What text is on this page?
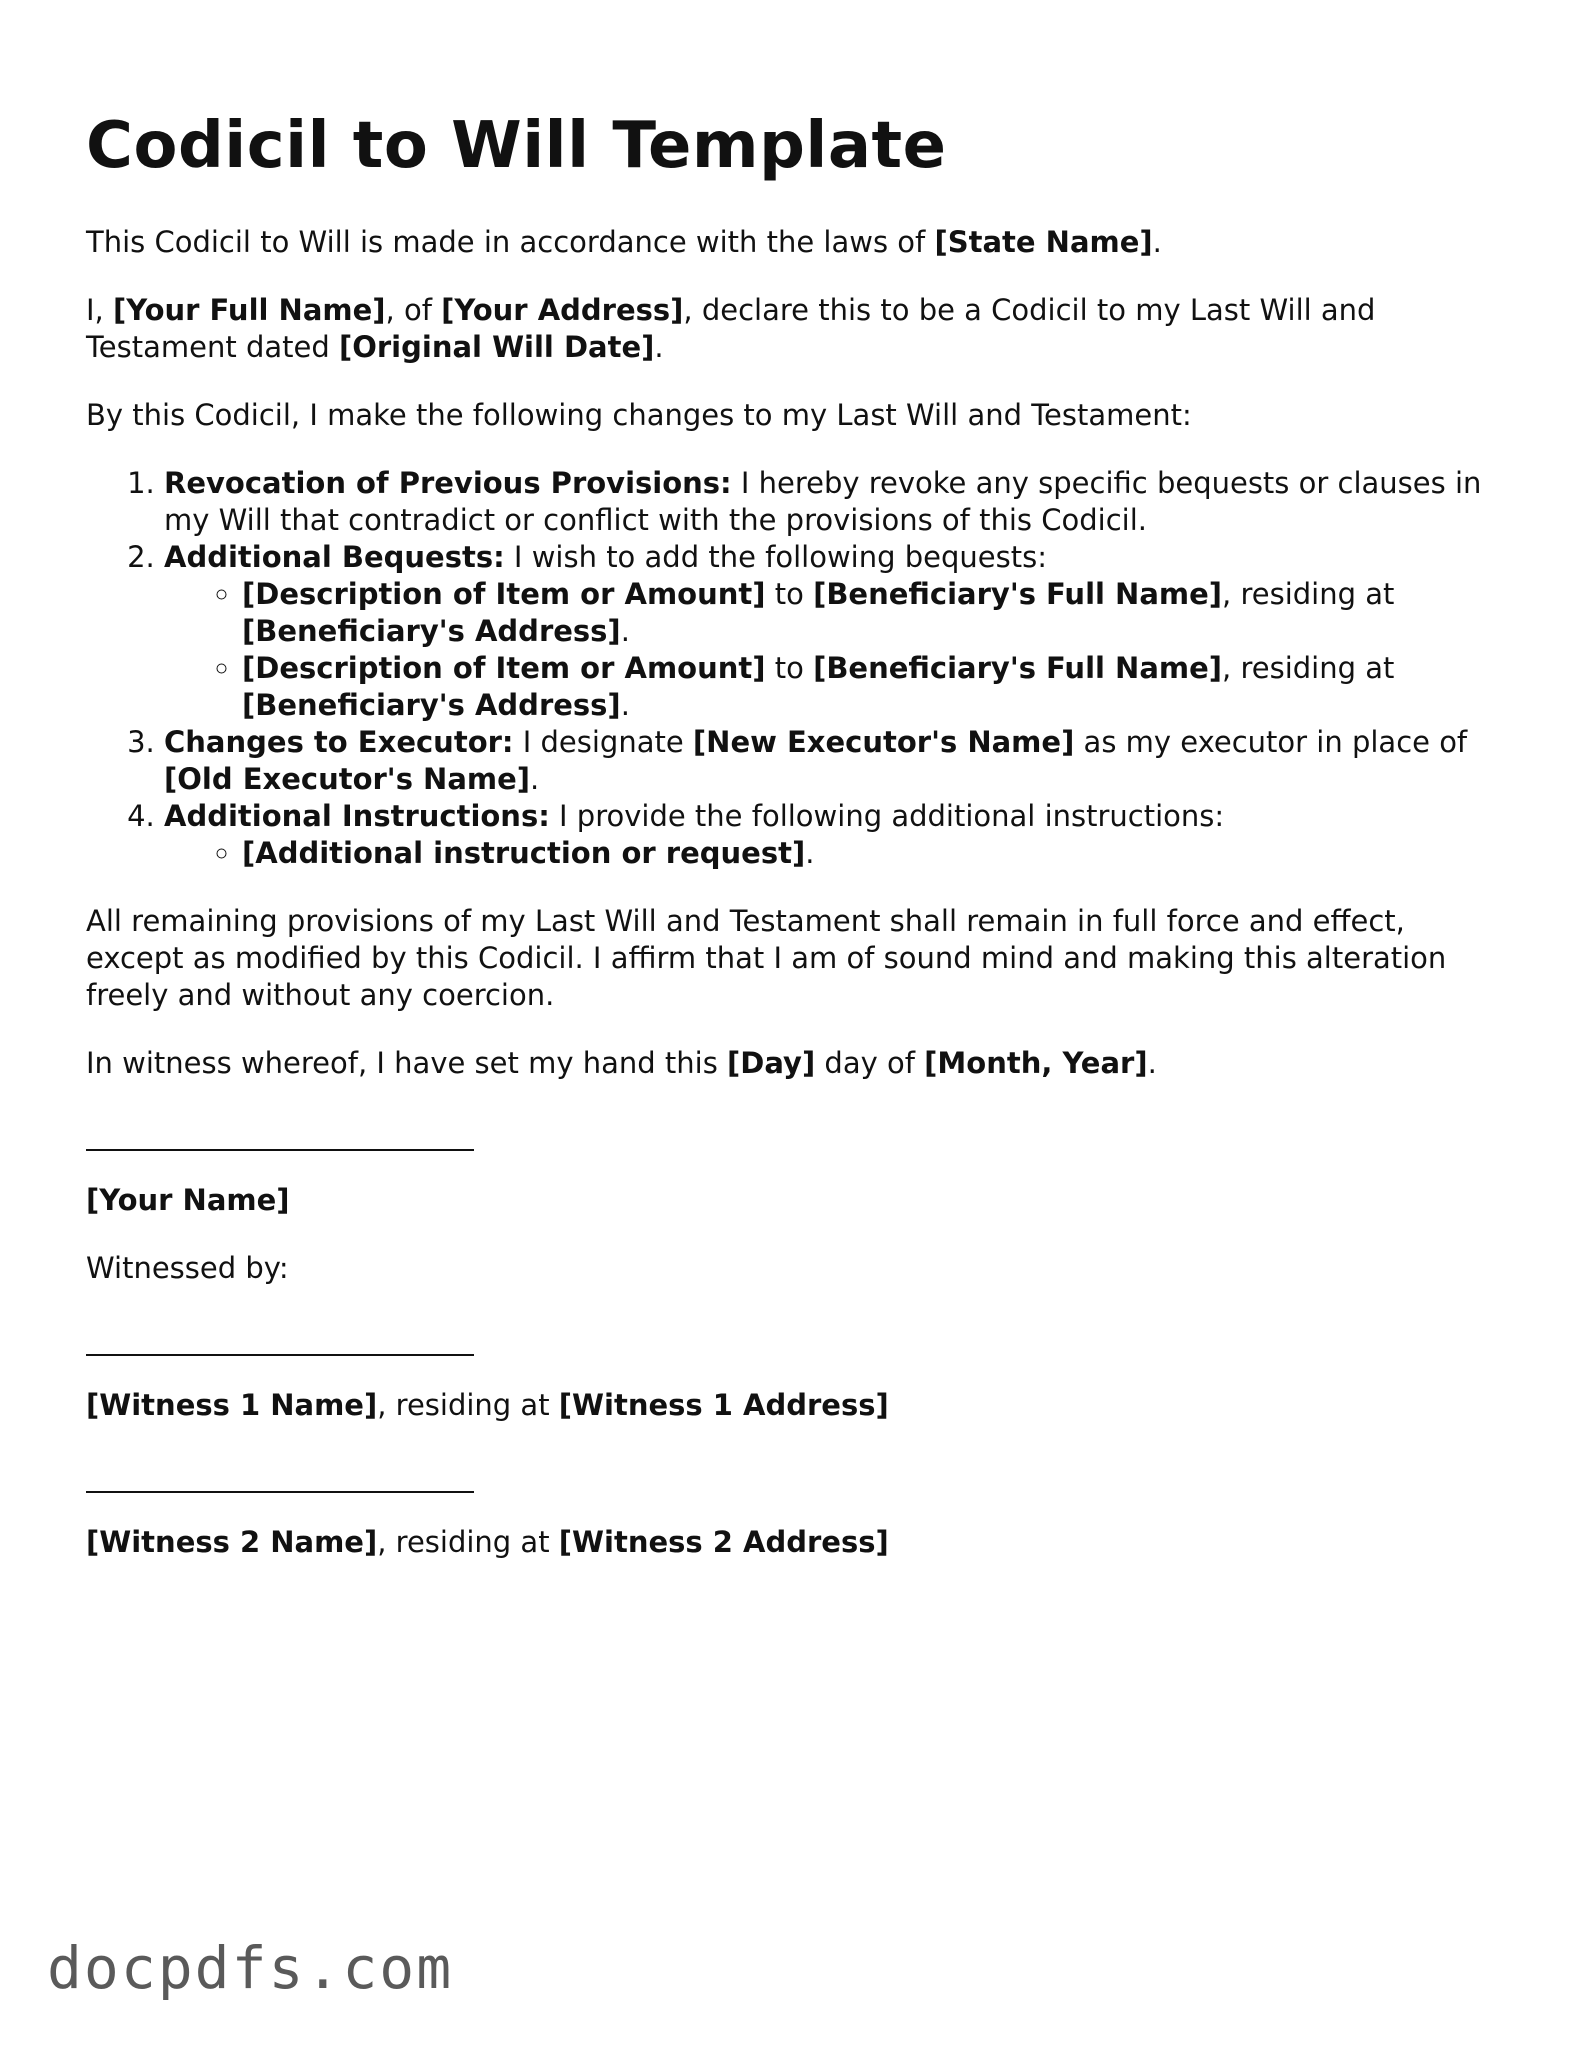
Codicil to Will Template

This Codicil to Will is made in accordance with the laws of [State Name].

I, [Your Full Name], of [Your Address], declare this to be a Codicil to my Last Will and Testament dated [Original Will Date].

By this Codicil, I make the following changes to my Last Will and Testament:

1. Revocation of Previous Provisions: I hereby revoke any specific bequests or clauses in my Will that contradict or conflict with the provisions of this Codicil.
2. Additional Bequests: I wish to add the following bequests:
◦ [Description of Item or Amount] to [Beneficiary's Full Name], residing at [Beneficiary's Address].
◦ [Description of Item or Amount] to [Beneficiary's Full Name], residing at [Beneficiary's Address].
3. Changes to Executor: I designate [New Executor's Name] as my executor in place of [Old Executor's Name].
4. Additional Instructions: I provide the following additional instructions:
◦ [Additional instruction or request].

All remaining provisions of my Last Will and Testament shall remain in full force and effect, except as modified by this Codicil. I affirm that I am of sound mind and making this alteration freely and without any coercion.

In witness whereof, I have set my hand this [Day] day of [Month, Year].

[Your Name]

Witnessed by:

[Witness 1 Name], residing at [Witness 1 Address]

[Witness 2 Name], residing at [Witness 2 Address]

docpdfs.com
